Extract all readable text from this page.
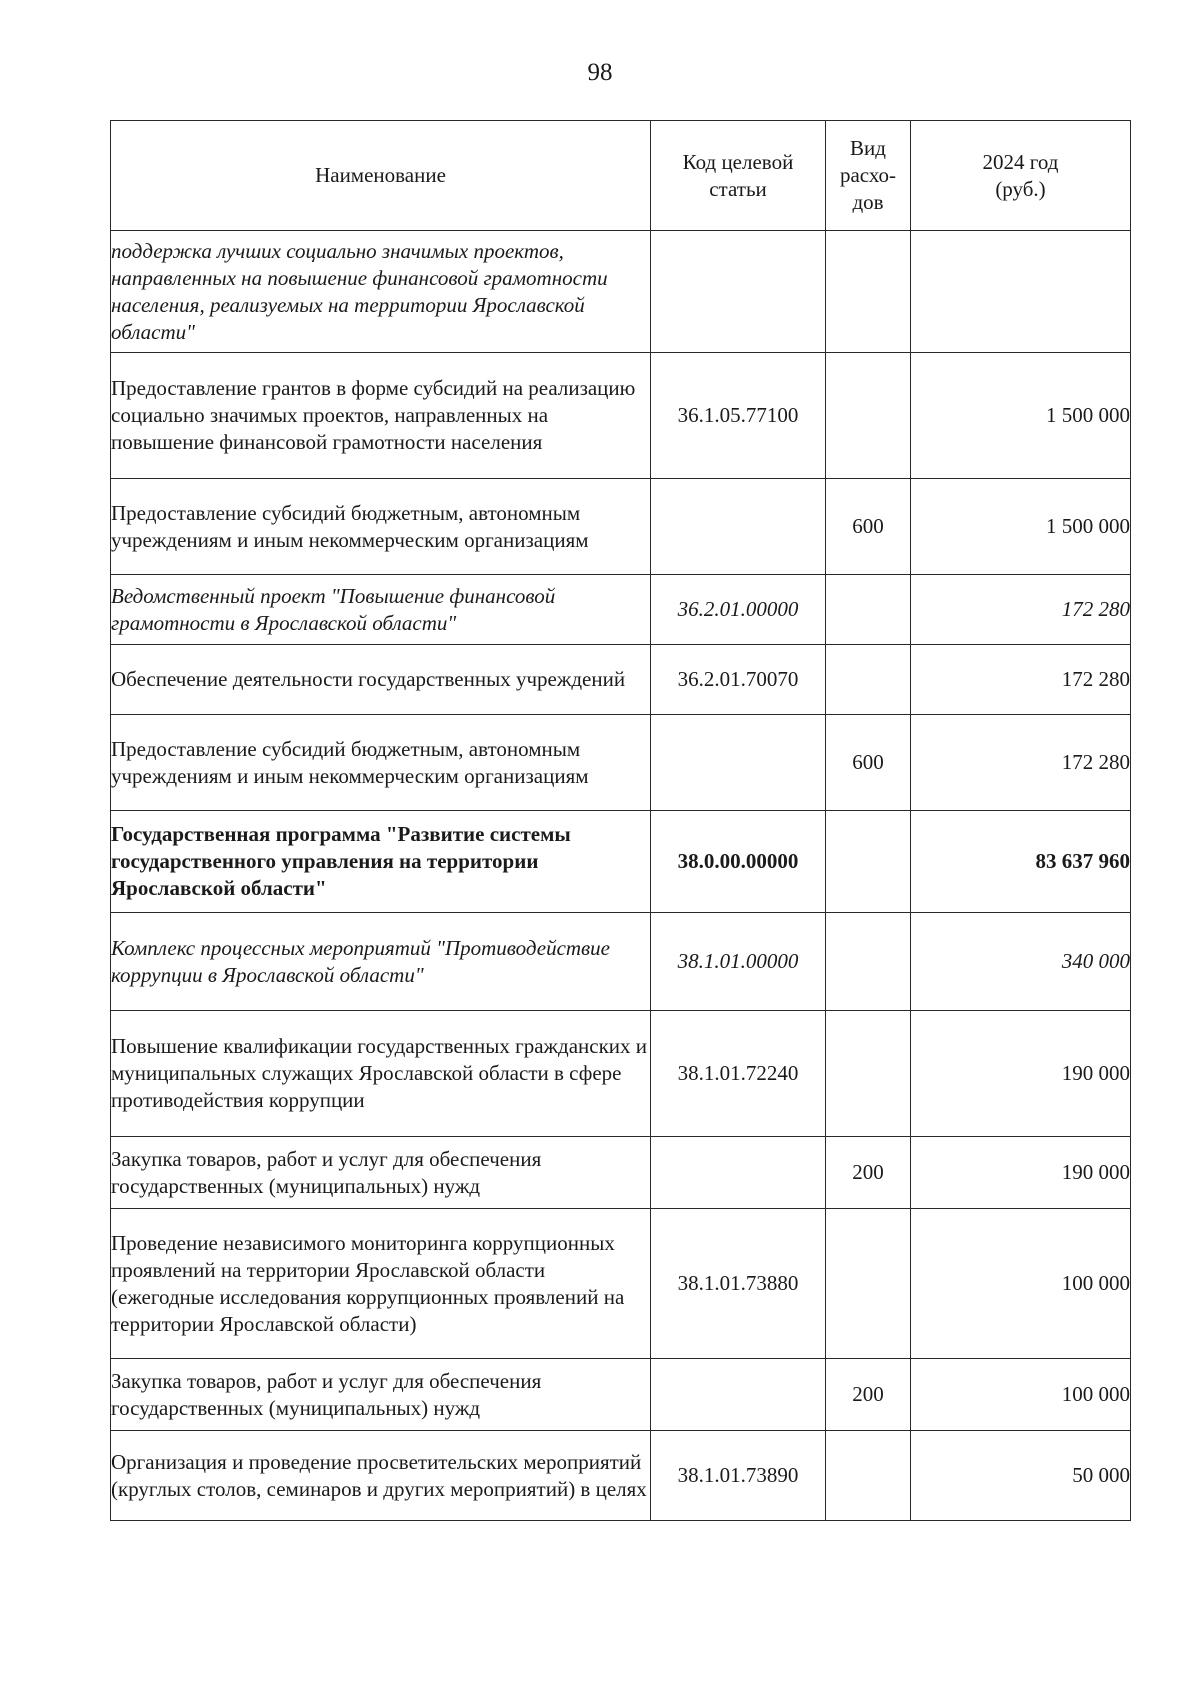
98
Наименование	Код целевой статьи	Вид расхо-дов	2024 год (руб.)
поддержка лучших социально значимых проектов, направленных на повышение финансовой грамотности населения, реализуемых на территории Ярославской области"			
Предоставление грантов в форме субсидий на реализацию социально значимых проектов, направленных на повышение финансовой грамотности населения	36.1.05.77100		1 500 000
Предоставление субсидий бюджетным, автономным учреждениям и иным некоммерческим организациям		600	1 500 000
Ведомственный проект "Повышение финансовой грамотности в Ярославской области"	36.2.01.00000		172 280
Обеспечение деятельности государственных учреждений	36.2.01.70070		172 280
Предоставление субсидий бюджетным, автономным учреждениям и иным некоммерческим организациям		600	172 280
Государственная программа "Развитие системы государственного управления на территории Ярославской области"	38.0.00.00000		83 637 960
Комплекс процессных мероприятий "Противодействие коррупции в Ярославской области"	38.1.01.00000		340 000
Повышение квалификации государственных гражданских и муниципальных служащих Ярославской области в сфере противодействия коррупции	38.1.01.72240		190 000
Закупка товаров, работ и услуг для обеспечения государственных (муниципальных) нужд		200	190 000
Проведение независимого мониторинга коррупционных проявлений на территории Ярославской области (ежегодные исследования коррупционных проявлений на территории Ярославской области)	38.1.01.73880		100 000
Закупка товаров, работ и услуг для обеспечения государственных (муниципальных) нужд		200	100 000
Организация и проведение просветительских мероприятий (круглых столов, семинаров и других мероприятий) в целях	38.1.01.73890		50 000
